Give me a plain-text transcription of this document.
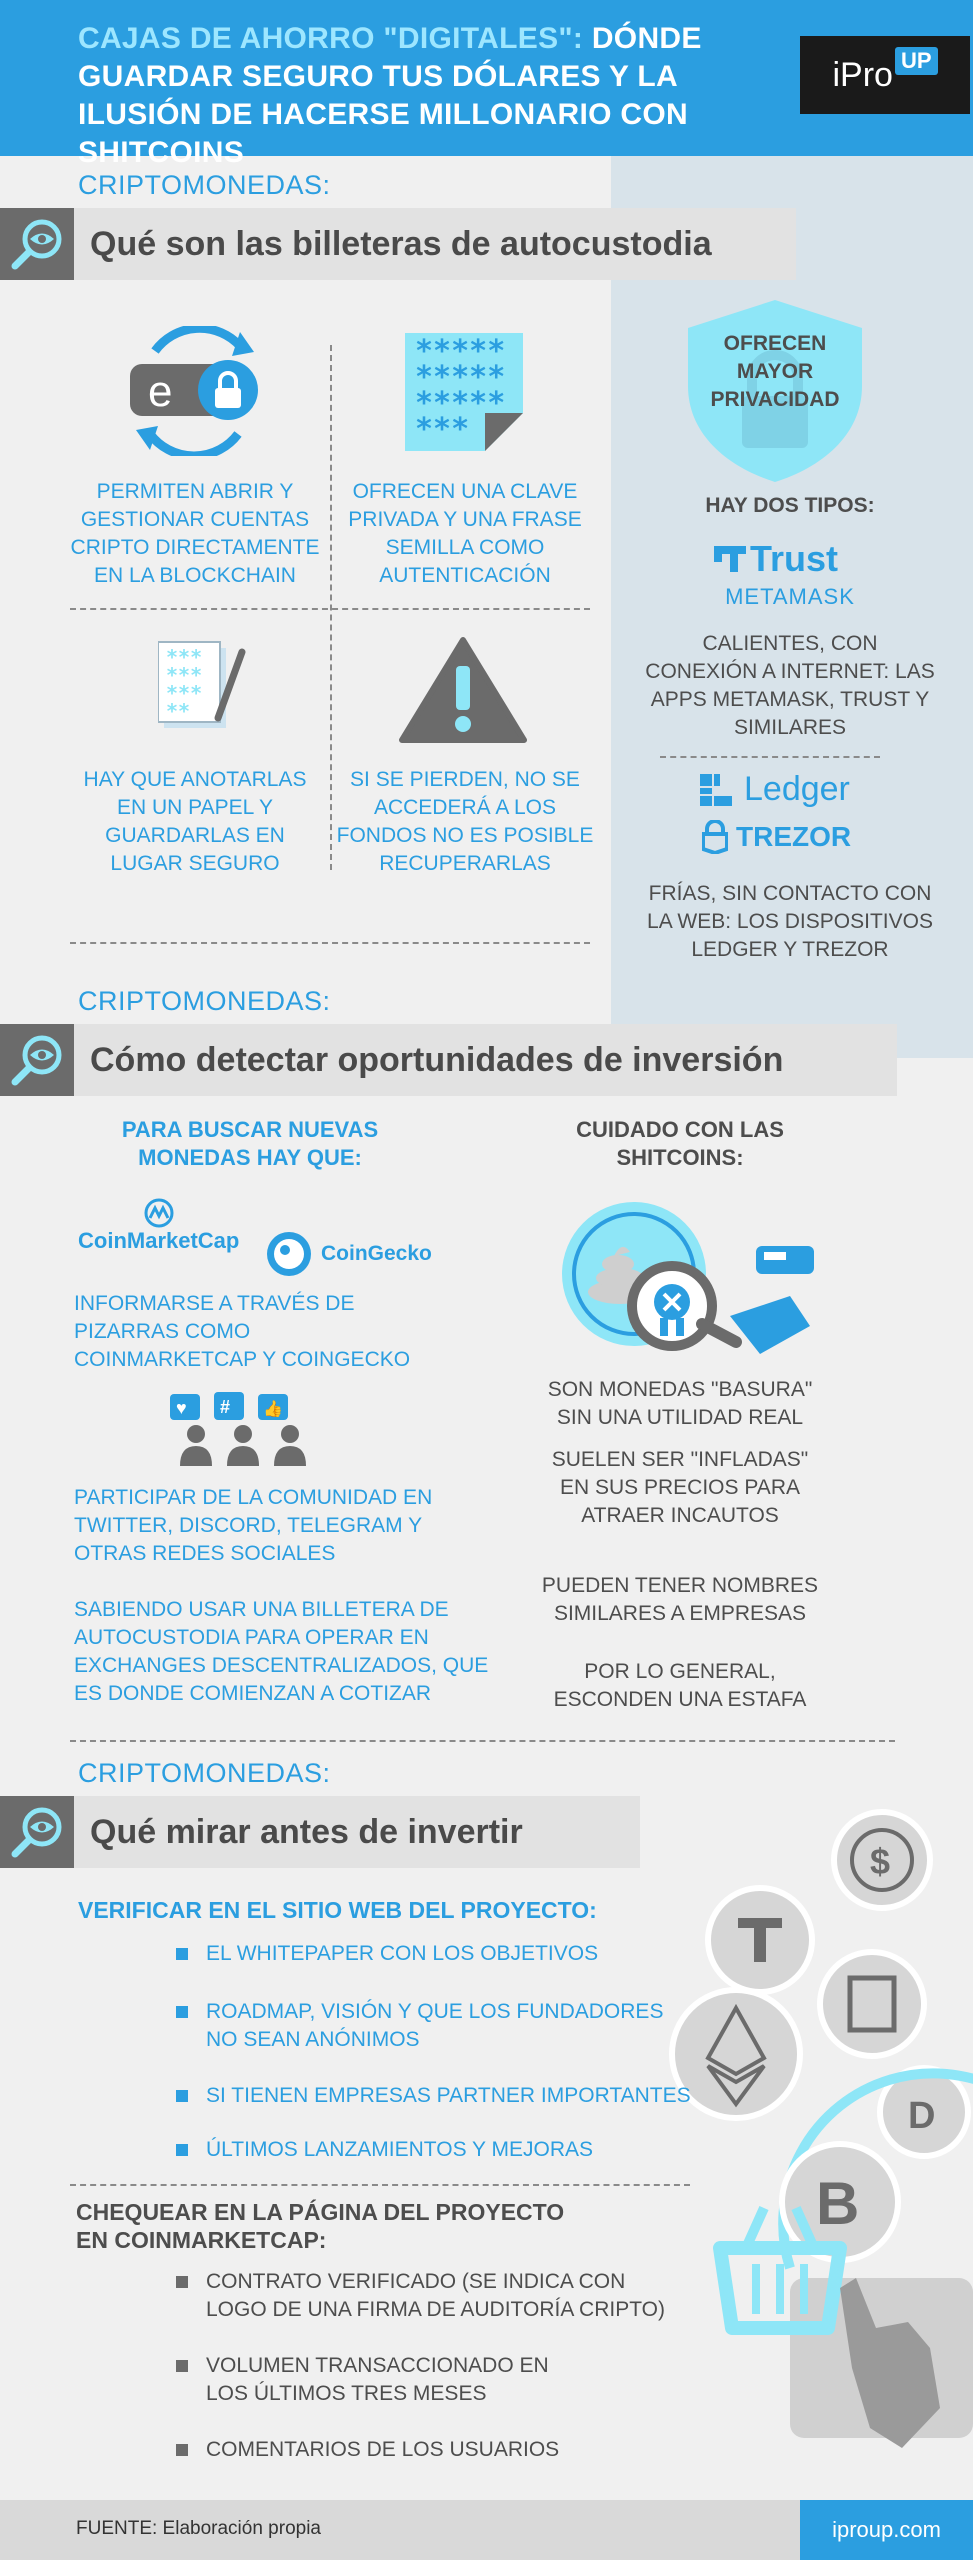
CAJAS DE AHORRO "DIGITALES": DÓNDE GUARDAR SEGURO TUS DÓLARES Y LA ILUSIÓN DE HACERSE MILLONARIO CON SHITCOINS
iPro UP
CRIPTOMONEDAS:
Qué son las billeteras de autocustodia
e
*****
*****
*****
***
PERMITEN ABRIR Y GESTIONAR CUENTAS CRIPTO DIRECTAMENTE EN LA BLOCKCHAIN
OFRECEN UNA CLAVE PRIVADA Y UNA FRASE SEMILLA COMO AUTENTICACIÓN
***
***
***
**
HAY QUE ANOTARLAS EN UN PAPEL Y GUARDARLAS EN LUGAR SEGURO
SI SE PIERDEN, NO SE ACCEDERÁ A LOS FONDOS NO ES POSIBLE RECUPERARLAS
OFRECEN MAYOR PRIVACIDAD
HAY DOS TIPOS:
Trust
METAMASK
CALIENTES, CON CONEXIÓN A INTERNET: LAS APPS METAMASK, TRUST Y SIMILARES
Ledger
TREZOR
FRÍAS, SIN CONTACTO CON LA WEB: LOS DISPOSITIVOS LEDGER Y TREZOR
CRIPTOMONEDAS:
Cómo detectar oportunidades de inversión
PARA BUSCAR NUEVAS MONEDAS HAY QUE:
CoinMarketCap
CoinGecko
INFORMARSE A TRAVÉS DE PIZARRAS COMO COINMARKETCAP Y COINGECKO
♥ # 👍
PARTICIPAR DE LA COMUNIDAD EN TWITTER, DISCORD, TELEGRAM Y OTRAS REDES SOCIALES
SABIENDO USAR UNA BILLETERA DE AUTOCUSTODIA PARA OPERAR EN EXCHANGES DESCENTRALIZADOS, QUE ES DONDE COMIENZAN A COTIZAR
CUIDADO CON LAS SHITCOINS:
SON MONEDAS "BASURA" SIN UNA UTILIDAD REAL
SUELEN SER "INFLADAS" EN SUS PRECIOS PARA ATRAER INCAUTOS
PUEDEN TENER NOMBRES SIMILARES A EMPRESAS
POR LO GENERAL, ESCONDEN UNA ESTAFA
CRIPTOMONEDAS:
Qué mirar antes de invertir
$
D
B
VERIFICAR EN EL SITIO WEB DEL PROYECTO:
EL WHITEPAPER CON LOS OBJETIVOS
ROADMAP, VISIÓN Y QUE LOS FUNDADORES NO SEAN ANÓNIMOS
SI TIENEN EMPRESAS PARTNER IMPORTANTES
ÚLTIMOS LANZAMIENTOS Y MEJORAS
CHEQUEAR EN LA PÁGINA DEL PROYECTO EN COINMARKETCAP:
CONTRATO VERIFICADO (SE INDICA CON LOGO DE UNA FIRMA DE AUDITORÍA CRIPTO)
VOLUMEN TRANSACCIONADO EN LOS ÚLTIMOS TRES MESES
COMENTARIOS DE LOS USUARIOS
FUENTE: Elaboración propia	iproup.com
